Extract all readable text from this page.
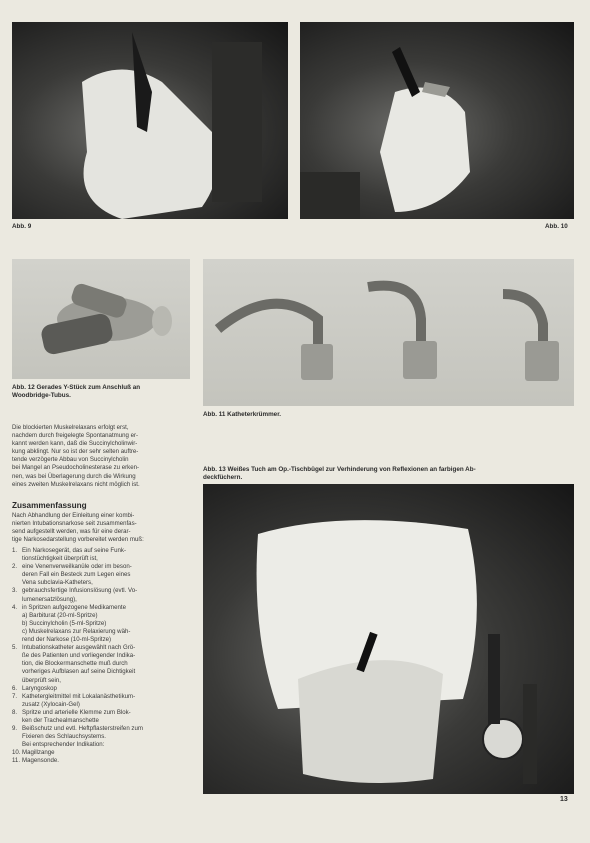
Abb. 9	Abb. 10
Abb. 12 Gerades Y-Stück zum Anschluß an
Woodbridge-Tubus.
Abb. 11 Katheterkrümmer.

Die blockierten Muskelrelaxans erfolgt erst,

nachdem durch freigelegte Spontanatmung er-

kannt werden kann, daß die Succinylcholinwir-

kung abklingt. Nur so ist der sehr selten auftre-

tende verzögerte Abbau von Succinylcholin

bei Mangel an Pseudocholinesterase zu erken-

nen, was bei Überlagerung durch die Wirkung

eines zweiten Muskelrelaxans nicht möglich ist.

Abb. 13 Weißes Tuch am Op.-Tischbügel zur Verhinderung von Reflexionen an farbigen Ab-
deckfüchern.
Zusammenfassung

Nach Abhandlung der Einleitung einer kombi-

nierten Intubationsnarkose seit zusammenfas-

send aufgestellt werden, was für eine derar-

tige Narkosedarstellung vorbereitet werden muß:

1. Ein Narkosegerät, das auf seine Funk-
tionstüchtigkeit überprüft ist,
2. eine Venenverweilkanüle oder im beson-
deren Fall ein Besteck zum Legen eines
Vena subclavia-Katheters,
3. gebrauchsfertige Infusionslösung (evtl. Vo-
lumenersatzlösung),
4. in Spritzen aufgezogene Medikamente
a) Barbiturat (20-ml-Spritze)
b) Succinylcholin (5-ml-Spritze)
c) Muskelrelaxans zur Relaxierung wäh-
rend der Narkose (10-ml-Spritze)
5. Intubationskatheter ausgewählt nach Grö-
ße des Patienten und vorliegender Indika-
tion, die Blockermanschette muß durch
vorheriges Aufblasen auf seine Dichtigkeit
überprüft sein,
6. Laryngoskop
7. Kathetergleitmittel mit Lokalanästhetikum-
zusatz (Xylocain-Gel)
8. Spritze und arterielle Klemme zum Blok-
ken der Trachealmanschette
9. Beißschutz und evtl. Heftpflasterstreifen zum
Fixieren des Schlauchsystems.
Bei entsprechender Indikation:
10. Magillzange
11. Magensonde.
13
